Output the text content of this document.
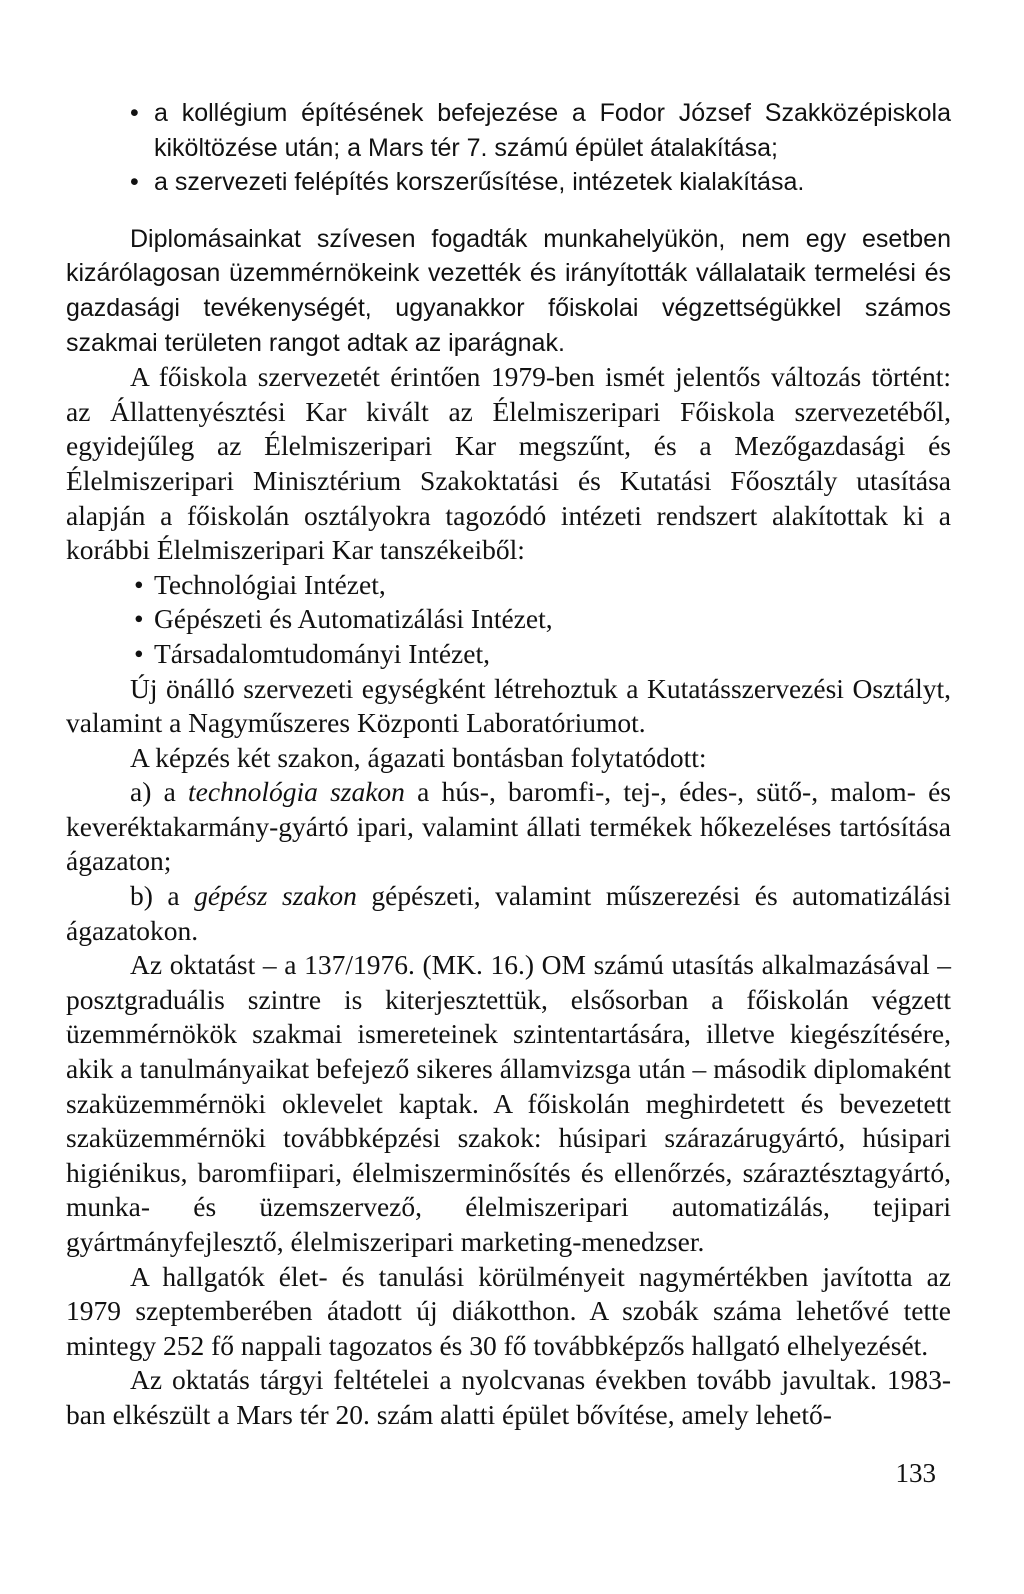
• a kollégium építésének befejezése a Fodor József Szakközépiskola kiköltözése után; a Mars tér 7. számú épület átalakítása;
• a szervezeti felépítés korszerűsítése, intézetek kialakítása.

Diplomásainkat szívesen fogadták munkahelyükön, nem egy esetben kizárólagosan üzemmérnökeink vezették és irányították vállalataik termelési és gazdasági tevékenységét, ugyanakkor főiskolai végzettségükkel számos szakmai területen rangot adtak az iparágnak.

A főiskola szervezetét érintően 1979-ben ismét jelentős változás történt: az Állattenyésztési Kar kivált az Élelmiszeripari Főiskola szervezetéből, egyidejűleg az Élelmiszeripari Kar megszűnt, és a Mezőgazdasági és Élelmiszeripari Minisztérium Szakoktatási és Kutatási Főosztály utasítása alapján a főiskolán osztályokra tagozódó intézeti rendszert alakítottak ki a korábbi Élelmiszeripari Kar tanszékeiből:

• Technológiai Intézet,
• Gépészeti és Automatizálási Intézet,
• Társadalomtudományi Intézet,

Új önálló szervezeti egységként létrehoztuk a Kutatásszervezési Osztályt, valamint a Nagyműszeres Központi Laboratóriumot.

A képzés két szakon, ágazati bontásban folytatódott:

a) a technológia szakon a hús-, baromfi-, tej-, édes-, sütő-, malom- és keveréktakarmány-gyártó ipari, valamint állati termékek hőkezeléses tartósítása ágazaton;

b) a gépész szakon gépészeti, valamint műszerezési és automatizálási ágazatokon.

Az oktatást – a 137/1976. (MK. 16.) OM számú utasítás alkalmazásával – posztgraduális szintre is kiterjesztettük, elsősorban a főiskolán végzett üzemmérnökök szakmai ismereteinek szintentartására, illetve kiegészítésére, akik a tanulmányaikat befejező sikeres államvizsga után – második diplomaként szaküzemmérnöki oklevelet kaptak. A főiskolán meghirdetett és bevezetett szaküzemmérnöki továbbképzési szakok: húsipari szárazárugyártó, húsipari higiénikus, baromfiipari, élelmiszerminősítés és ellenőrzés, száraztésztagyártó, munka- és üzemszervező, élelmiszeripari automatizálás, tejipari gyártmányfejlesztő, élelmiszeripari marketing-menedzser.

A hallgatók élet- és tanulási körülményeit nagymértékben javította az 1979 szeptemberében átadott új diákotthon. A szobák száma lehetővé tette mintegy 252 fő nappali tagozatos és 30 fő továbbképzős hallgató elhelyezését.

Az oktatás tárgyi feltételei a nyolcvanas években tovább javultak. 1983-ban elkészült a Mars tér 20. szám alatti épület bővítése, amely lehető-

133
